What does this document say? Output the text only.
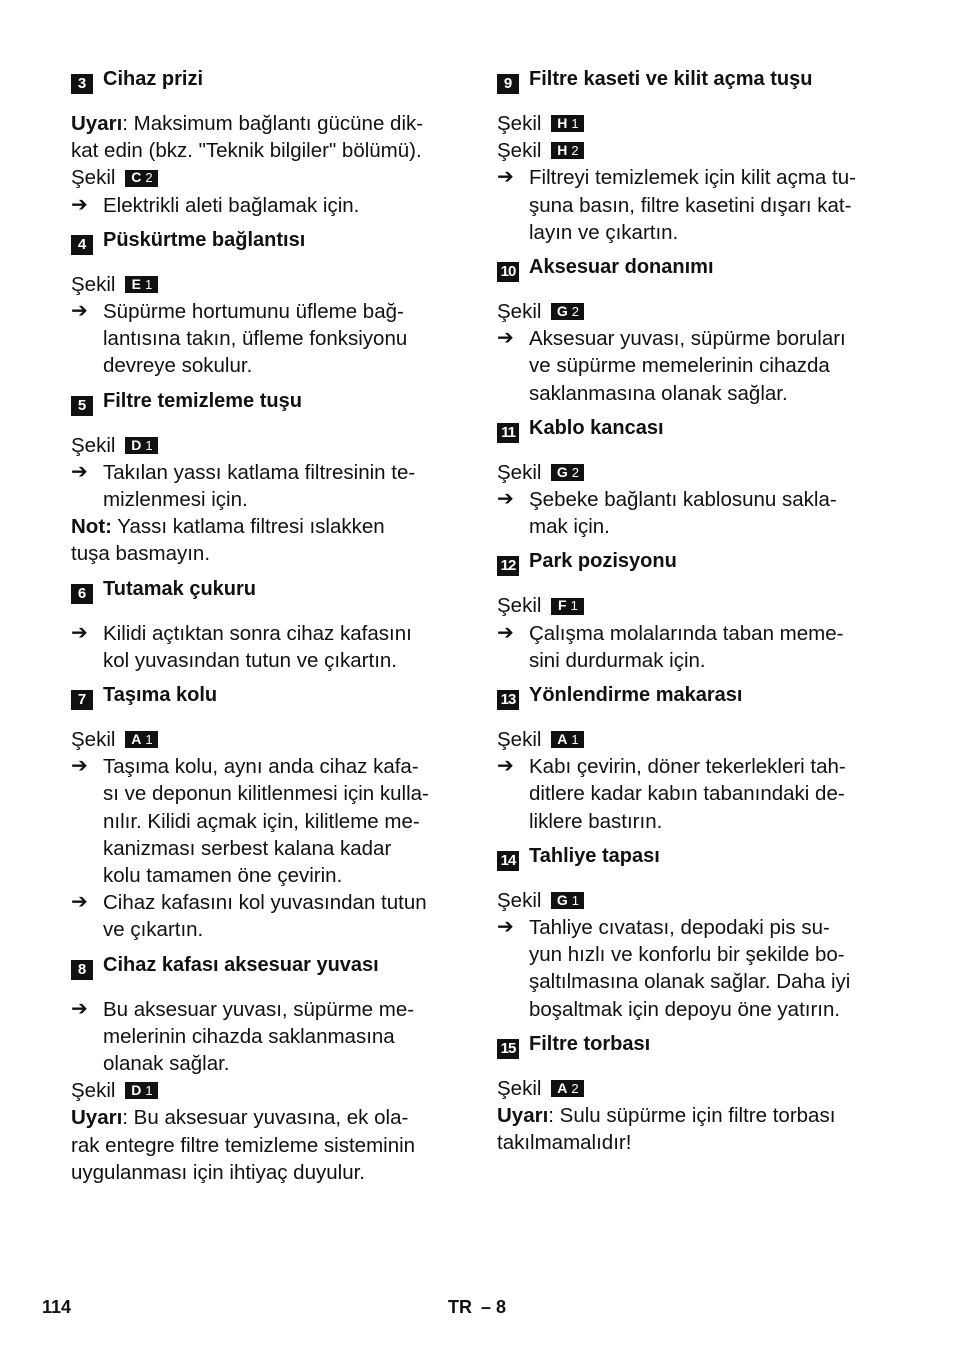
3 Cihaz prizi

Uyarı: Maksimum bağlantı gücüne dik-

kat edin (bkz. "Teknik bilgiler" bölümü).

Şekil C 2
➔ Elektrikli aleti bağlamak için.

4 Püskürtme bağlantısı
Şekil E 1
➔ Süpürme hortumunu üfleme bağ-

lantısına takın, üfleme fonksiyonu

devreye sokulur.

5 Filtre temizleme tuşu
Şekil D 1
➔ Takılan yassı katlama filtresinin te-

mizlenmesi için.

Not: Yassı katlama filtresi ıslakken

tuşa basmayın.

6 Tutamak çukuru
➔ Kilidi açtıktan sonra cihaz kafasını

kol yuvasından tutun ve çıkartın.

7 Taşıma kolu
Şekil A 1
➔ Taşıma kolu, aynı anda cihaz kafa-

sı ve deponun kilitlenmesi için kulla-

nılır. Kilidi açmak için, kilitleme me-

kanizması serbest kalana kadar

kolu tamamen öne çevirin.

➔ Cihaz kafasını kol yuvasından tutun

ve çıkartın.

8 Cihaz kafası aksesuar yuvası
➔ Bu aksesuar yuvası, süpürme me-

melerinin cihazda saklanmasına

olanak sağlar.

Şekil D 1

Uyarı: Bu aksesuar yuvasına, ek ola-

rak entegre filtre temizleme sisteminin

uygulanması için ihtiyaç duyulur.

9 Filtre kaseti ve kilit açma tuşu
Şekil H 1
Şekil H 2
➔ Filtreyi temizlemek için kilit açma tu-

şuna basın, filtre kasetini dışarı kat-

layın ve çıkartın.

10 Aksesuar donanımı
Şekil G 2
➔ Aksesuar yuvası, süpürme boruları

ve süpürme memelerinin cihazda

saklanmasına olanak sağlar.

11 Kablo kancası
Şekil G 2
➔ Şebeke bağlantı kablosunu sakla-

mak için.

12 Park pozisyonu
Şekil F 1
➔ Çalışma molalarında taban meme-

sini durdurmak için.

13 Yönlendirme makarası
Şekil A 1
➔ Kabı çevirin, döner tekerlekleri tah-

ditlere kadar kabın tabanındaki de-

liklere bastırın.

14 Tahliye tapası
Şekil G 1
➔ Tahliye cıvatası, depodaki pis su-

yun hızlı ve konforlu bir şekilde bo-

şaltılmasına olanak sağlar. Daha iyi

boşaltmak için depoyu öne yatırın.

15 Filtre torbası
Şekil A 2

Uyarı: Sulu süpürme için filtre torbası

takılmamalıdır!

114	TR – 8
